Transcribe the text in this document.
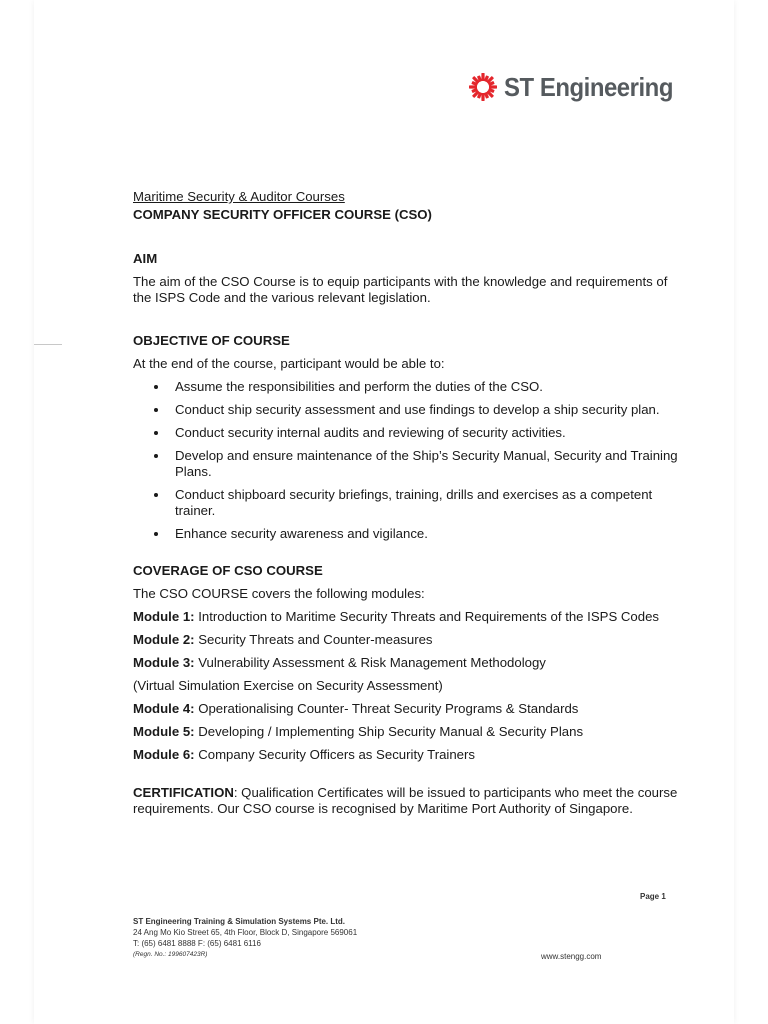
ST Engineering

Maritime Security & Auditor Courses

COMPANY SECURITY OFFICER COURSE (CSO)

AIM

The aim of the CSO Course is to equip participants with the knowledge and requirements of the ISPS Code and the various relevant legislation.

OBJECTIVE OF COURSE

At the end of the course, participant would be able to:

Assume the responsibilities and perform the duties of the CSO.
Conduct ship security assessment and use findings to develop a ship security plan.
Conduct security internal audits and reviewing of security activities.
Develop and ensure maintenance of the Ship’s Security Manual, Security and Training Plans.
Conduct shipboard security briefings, training, drills and exercises as a competent trainer.
Enhance security awareness and vigilance.

COVERAGE OF CSO COURSE

The CSO COURSE covers the following modules:

Module 1: Introduction to Maritime Security Threats and Requirements of the ISPS Codes

Module 2: Security Threats and Counter-measures

Module 3: Vulnerability Assessment & Risk Management Methodology

(Virtual Simulation Exercise on Security Assessment)

Module 4: Operationalising Counter- Threat Security Programs & Standards

Module 5: Developing / Implementing Ship Security Manual & Security Plans

Module 6: Company Security Officers as Security Trainers

CERTIFICATION: Qualification Certificates will be issued to participants who meet the course requirements. Our CSO course is recognised by Maritime Port Authority of Singapore.

Page 1
ST Engineering Training & Simulation Systems Pte. Ltd.
24 Ang Mo Kio Street 65, 4th Floor, Block D, Singapore 569061
T: (65) 6481 8888 F: (65) 6481 6116
(Regn. No.: 199607423R)	www.stengg.com
